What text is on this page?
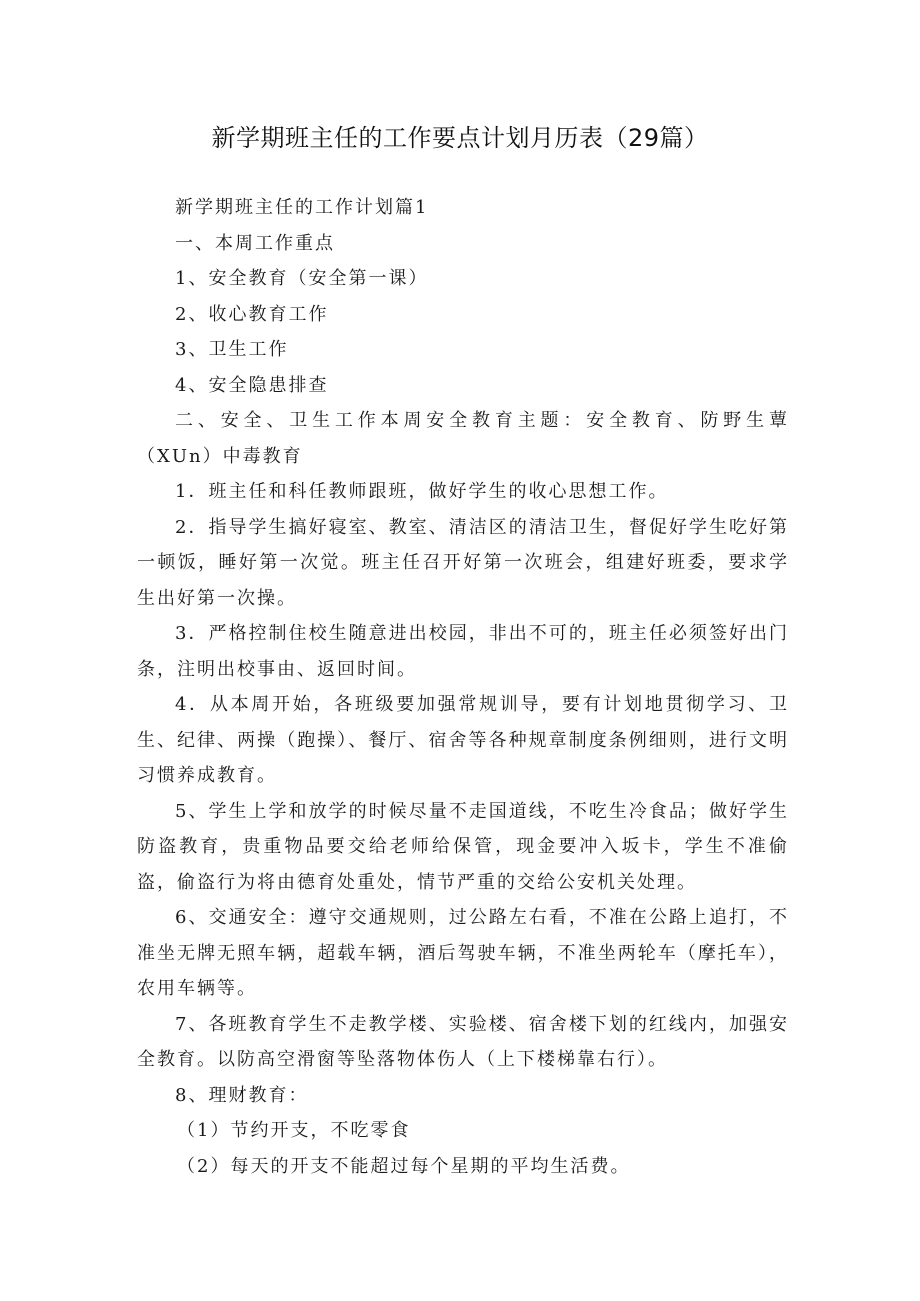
新学期班主任的工作要点计划月历表（29篇）

新学期班主任的工作计划篇1

一、本周工作重点

1、安全教育（安全第一课）

2、收心教育工作

3、卫生工作

4、安全隐患排查

二、安全、卫生工作本周安全教育主题：安全教育、防野生蕈（XUn）中毒教育

1．班主任和科任教师跟班，做好学生的收心思想工作。

2．指导学生搞好寝室、教室、清洁区的清洁卫生，督促好学生吃好第一顿饭，睡好第一次觉。班主任召开好第一次班会，组建好班委，要求学生出好第一次操。

3．严格控制住校生随意进出校园，非出不可的，班主任必须签好出门条，注明出校事由、返回时间。

4．从本周开始，各班级要加强常规训导，要有计划地贯彻学习、卫生、纪律、两操（跑操）、餐厅、宿舍等各种规章制度条例细则，进行文明习惯养成教育。

5、学生上学和放学的时候尽量不走国道线，不吃生冷食品；做好学生防盗教育，贵重物品要交给老师给保管，现金要冲入坂卡，学生不准偷盗，偷盗行为将由德育处重处，情节严重的交给公安机关处理。

6、交通安全：遵守交通规则，过公路左右看，不准在公路上追打，不准坐无牌无照车辆，超载车辆，酒后驾驶车辆，不准坐两轮车（摩托车），农用车辆等。

7、各班教育学生不走教学楼、实验楼、宿舍楼下划的红线内，加强安全教育。以防高空滑窗等坠落物体伤人（上下楼梯靠右行）。

8、理财教育：

（1）节约开支，不吃零食

（2）每天的开支不能超过每个星期的平均生活费。
